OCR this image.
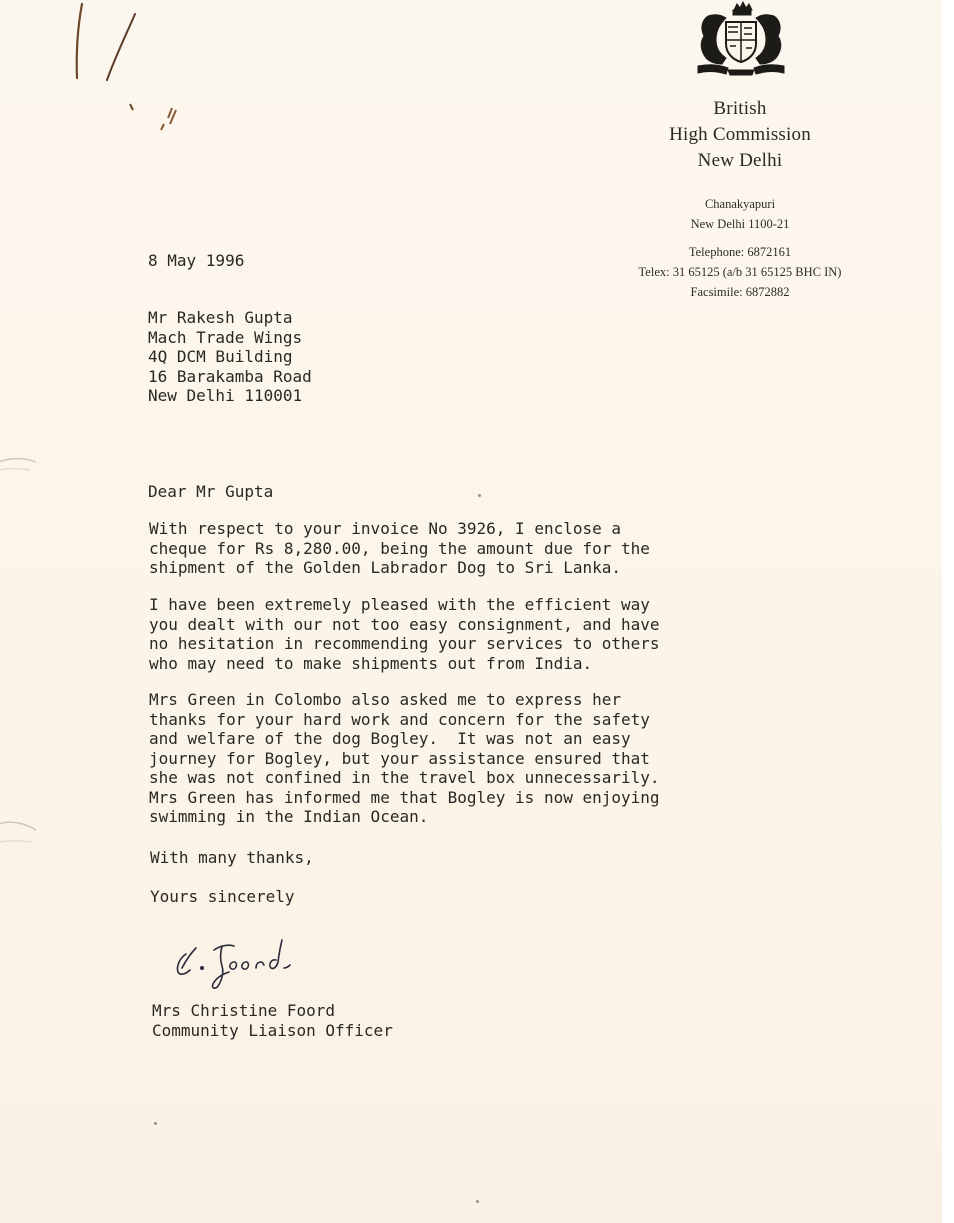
British
High Commission
New Delhi
Chanakyapuri
New Delhi 1100-21
Telephone: 6872161
Telex: 31 65125 (a/b 31 65125 BHC IN)
Facsimile: 6872882
8 May 1996
Mr Rakesh Gupta
Mach Trade Wings
4Q DCM Building
16 Barakamba Road
New Delhi 110001
Dear Mr Gupta
With respect to your invoice No 3926, I enclose a
cheque for Rs 8,280.00, being the amount due for the
shipment of the Golden Labrador Dog to Sri Lanka.
I have been extremely pleased with the efficient way
you dealt with our not too easy consignment, and have
no hesitation in recommending your services to others
who may need to make shipments out from India.
Mrs Green in Colombo also asked me to express her
thanks for your hard work and concern for the safety
and welfare of the dog Bogley.  It was not an easy
journey for Bogley, but your assistance ensured that
she was not confined in the travel box unnecessarily.
Mrs Green has informed me that Bogley is now enjoying
swimming in the Indian Ocean.
With many thanks,
Yours sincerely
Mrs Christine Foord
Community Liaison Officer
